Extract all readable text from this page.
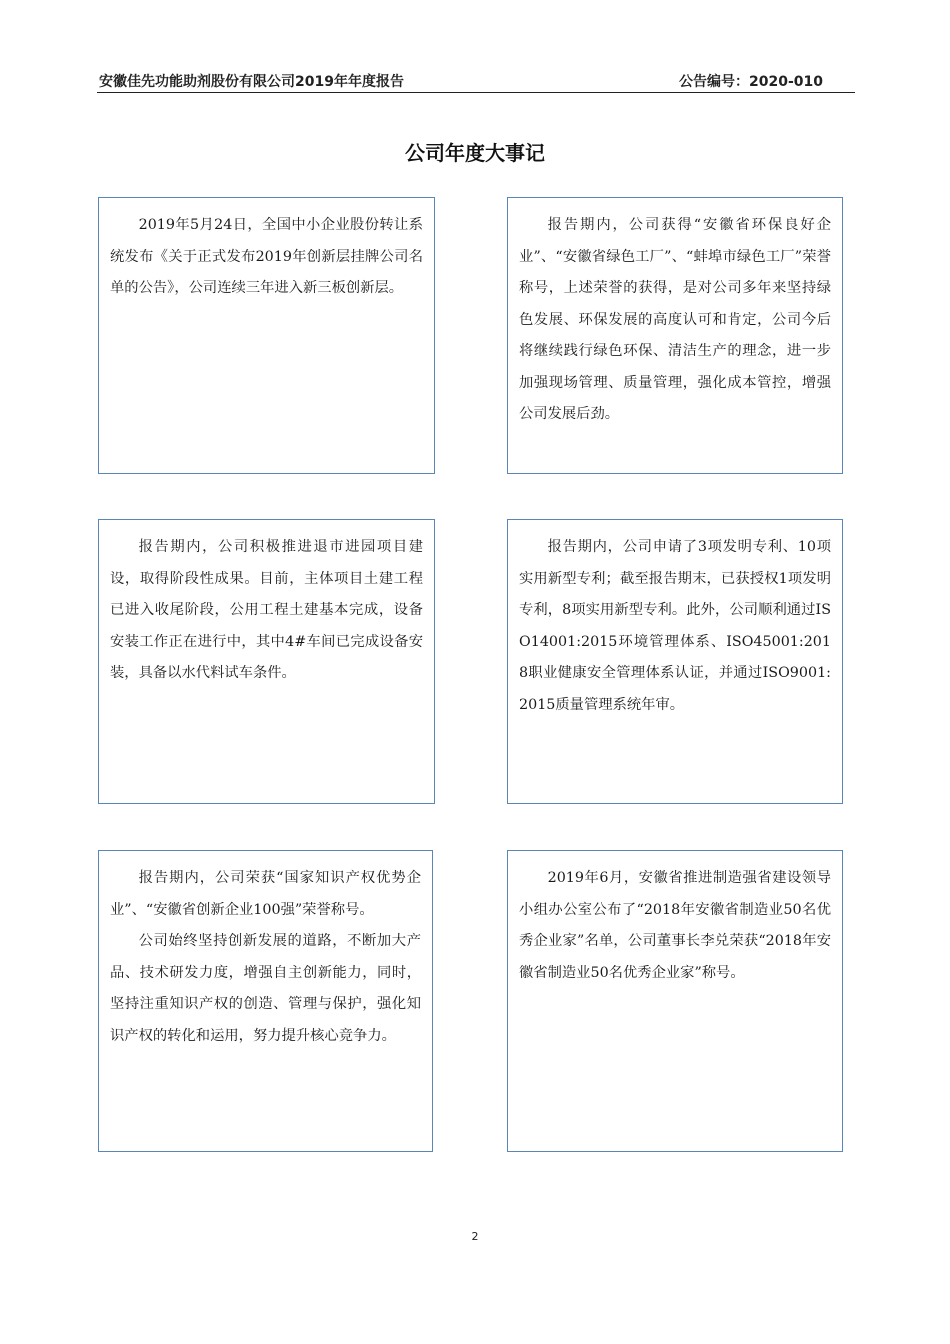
安徽佳先功能助剂股份有限公司2019年年度报告	公告编号：2020-010
公司年度大事记

2019年5月24日，全国中小企业股份转让系统发布《关于正式发布2019年创新层挂牌公司名单的公告》，公司连续三年进入新三板创新层。

报告期内，公司获得“安徽省环保良好企业”、“安徽省绿色工厂”、“蚌埠市绿色工厂”荣誉称号，上述荣誉的获得，是对公司多年来坚持绿色发展、环保发展的高度认可和肯定，公司今后将继续践行绿色环保、清洁生产的理念，进一步加强现场管理、质量管理，强化成本管控，增强公司发展后劲。

报告期内，公司积极推进退市进园项目建设，取得阶段性成果。目前，主体项目土建工程已进入收尾阶段，公用工程土建基本完成，设备安装工作正在进行中，其中4#车间已完成设备安装，具备以水代料试车条件。

报告期内，公司申请了3项发明专利、10项实用新型专利；截至报告期末，已获授权1项发明专利，8项实用新型专利。此外，公司顺利通过ISO14001:2015环境管理体系、ISO45001:2018职业健康安全管理体系认证，并通过ISO9001:2015质量管理系统年审。

报告期内，公司荣获“国家知识产权优势企业”、“安徽省创新企业100强”荣誉称号。

公司始终坚持创新发展的道路，不断加大产品、技术研发力度，增强自主创新能力，同时，坚持注重知识产权的创造、管理与保护，强化知识产权的转化和运用，努力提升核心竞争力。

2019年6月，安徽省推进制造强省建设领导小组办公室公布了“2018年安徽省制造业50名优秀企业家”名单，公司董事长李兑荣获“2018年安徽省制造业50名优秀企业家”称号。

2
